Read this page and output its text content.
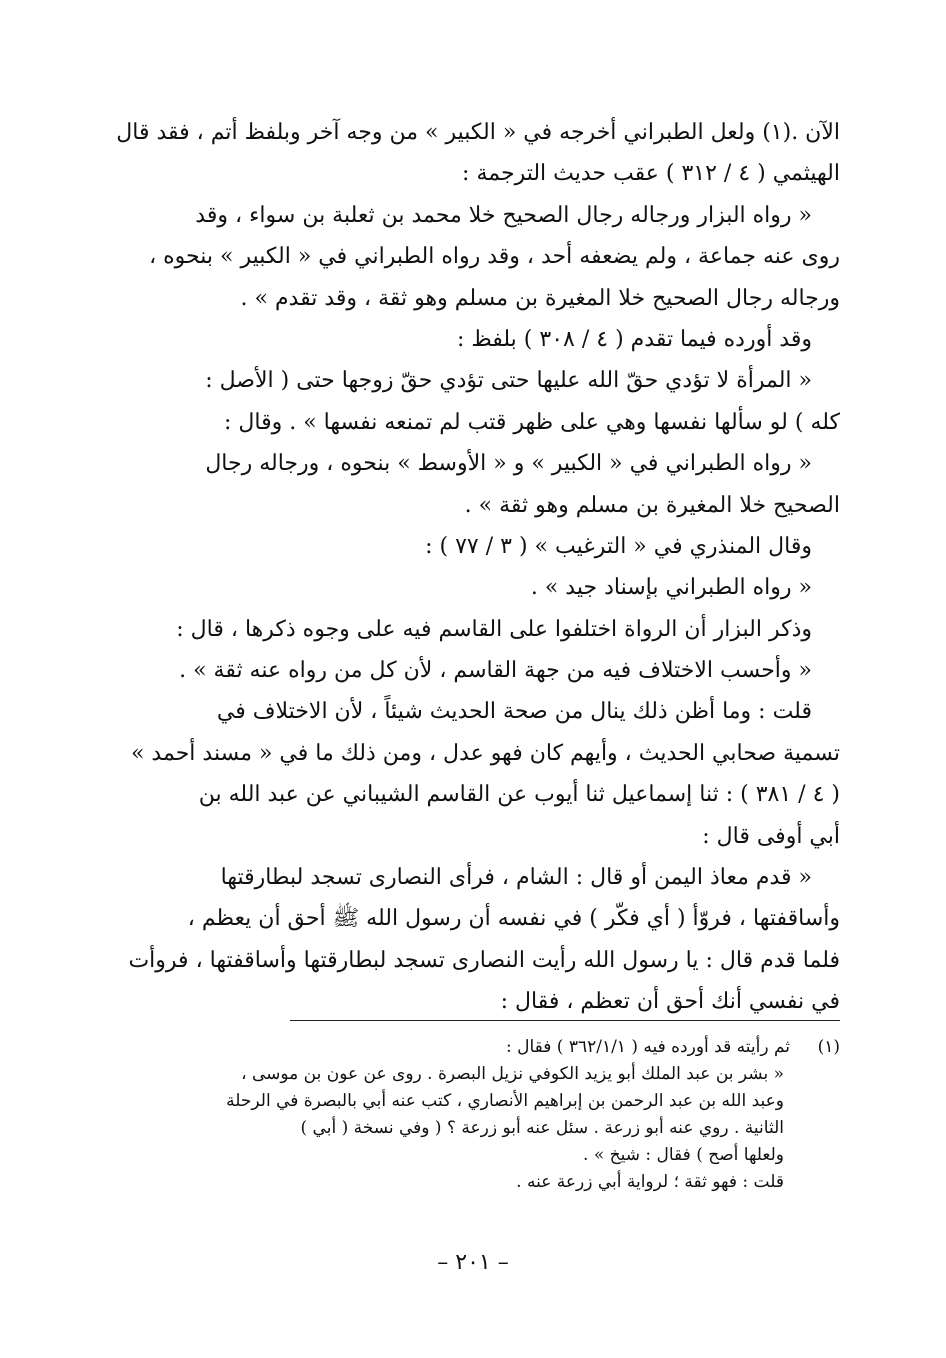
الآن .(١) ولعل الطبراني أخرجه في « الكبير » من وجه آخر وبلفظ أتم ، فقد قال
الهيثمي ( ٤ / ٣١٢ ) عقب حديث الترجمة :
« رواه البزار ورجاله رجال الصحيح خلا محمد بن ثعلبة بن سواء ، وقد
روى عنه جماعة ، ولم يضعفه أحد ، وقد رواه الطبراني في « الكبير » بنحوه ،
ورجاله رجال الصحيح خلا المغيرة بن مسلم وهو ثقة ، وقد تقدم » .
وقد أورده فيما تقدم ( ٤ / ٣٠٨ ) بلفظ :
« المرأة لا تؤدي حقّ الله عليها حتى تؤدي حقّ زوجها حتى ( الأصل :
كله ) لو سألها نفسها وهي على ظهر قتب لم تمنعه نفسها » . وقال :
« رواه الطبراني في « الكبير » و « الأوسط » بنحوه ، ورجاله رجال
الصحيح خلا المغيرة بن مسلم وهو ثقة » .
وقال المنذري في « الترغيب » ( ٣ / ٧٧ ) :
« رواه الطبراني بإسناد جيد » .
وذكر البزار أن الرواة اختلفوا على القاسم فيه على وجوه ذكرها ، قال :
« وأحسب الاختلاف فيه من جهة القاسم ، لأن كل من رواه عنه ثقة » .
قلت : وما أظن ذلك ينال من صحة الحديث شيئاً ، لأن الاختلاف في
تسمية صحابي الحديث ، وأيهم كان فهو عدل ، ومن ذلك ما في « مسند أحمد »
( ٤ / ٣٨١ ) : ثنا إسماعيل ثنا أيوب عن القاسم الشيباني عن عبد الله بن
أبي أوفى قال :
« قدم معاذ اليمن أو قال : الشام ، فرأى النصارى تسجد لبطارقتها
وأساقفتها ، فروّأ ( أي فكّر ) في نفسه أن رسول الله ﷺ أحق أن يعظم ،
فلما قدم قال : يا رسول الله رأيت النصارى تسجد لبطارقتها وأساقفتها ، فروأت
في نفسي أنك أحق أن تعظم ، فقال :
(١)ثم رأيته قد أورده فيه ( ٣٦٢/١/١ ) فقال :
« بشر بن عبد الملك أبو يزيد الكوفي نزيل البصرة . روى عن عون بن موسى ،
وعبد الله بن عبد الرحمن بن إبراهيم الأنصاري ، كتب عنه أبي بالبصرة في الرحلة
الثانية . روي عنه أبو زرعة . سئل عنه أبو زرعة ؟ ( وفي نسخة ( أبي )
ولعلها أصح ) فقال : شيخ » .
قلت : فهو ثقة ؛ لرواية أبي زرعة عنه .
– ٢٠١ –
